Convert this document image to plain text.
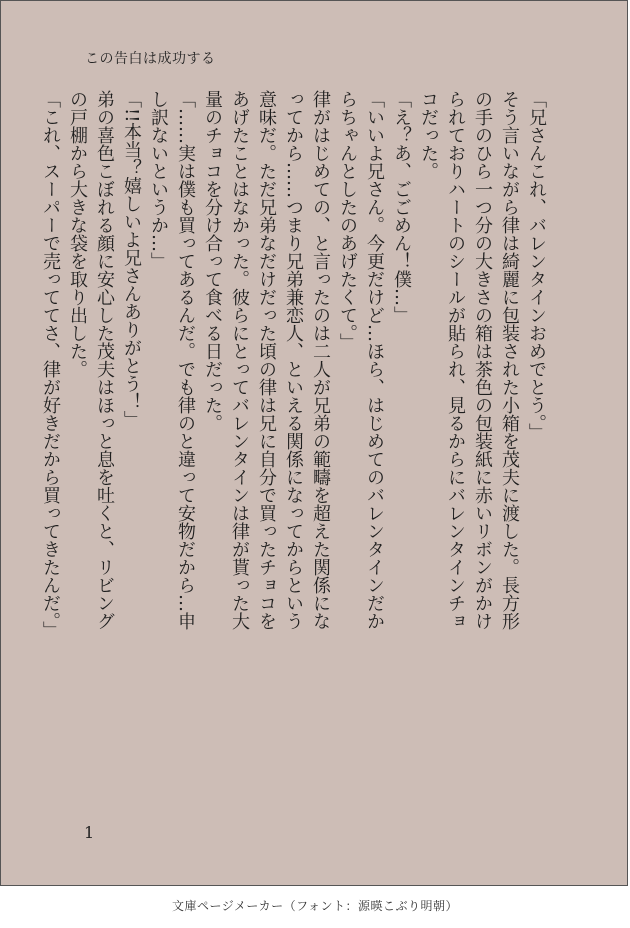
この告白は成功する

「兄さんこれ、バレンタインおめでとう。」

そう言いながら律は綺麗に包装された小箱を茂夫に渡した。長方形の手のひら一つ分の大きさの箱は茶色の包装紙に赤いリボンがかけられておりハートのシールが貼られ、見るからにバレンタインチョコだった。

「え？あ、ごごめん！僕…」

「いいよ兄さん。今更だけど…ほら、はじめてのバレンタインだからちゃんとしたのあげたくて。」

律がはじめての、と言ったのは二人が兄弟の範疇を超えた関係になってから……つまり兄弟兼恋人、といえる関係になってからという意味だ。ただ兄弟なだけだった頃の律は兄に自分で買ったチョコをあげたことはなかった。彼らにとってバレンタインは律が貰った大量のチョコを分け合って食べる日だった。

「……実は僕も買ってあるんだ。でも律のと違って安物だから…申し訳ないというか…」

「!!本当？嬉しいよ兄さんありがとう！」

弟の喜色こぼれる顔に安心した茂夫はほっと息を吐くと、リビングの戸棚から大きな袋を取り出した。

「これ、スーパーで売っててさ、律が好きだから買ってきたんだ。」

1
文庫ページメーカー（フォント：源暎こぶり明朝）
